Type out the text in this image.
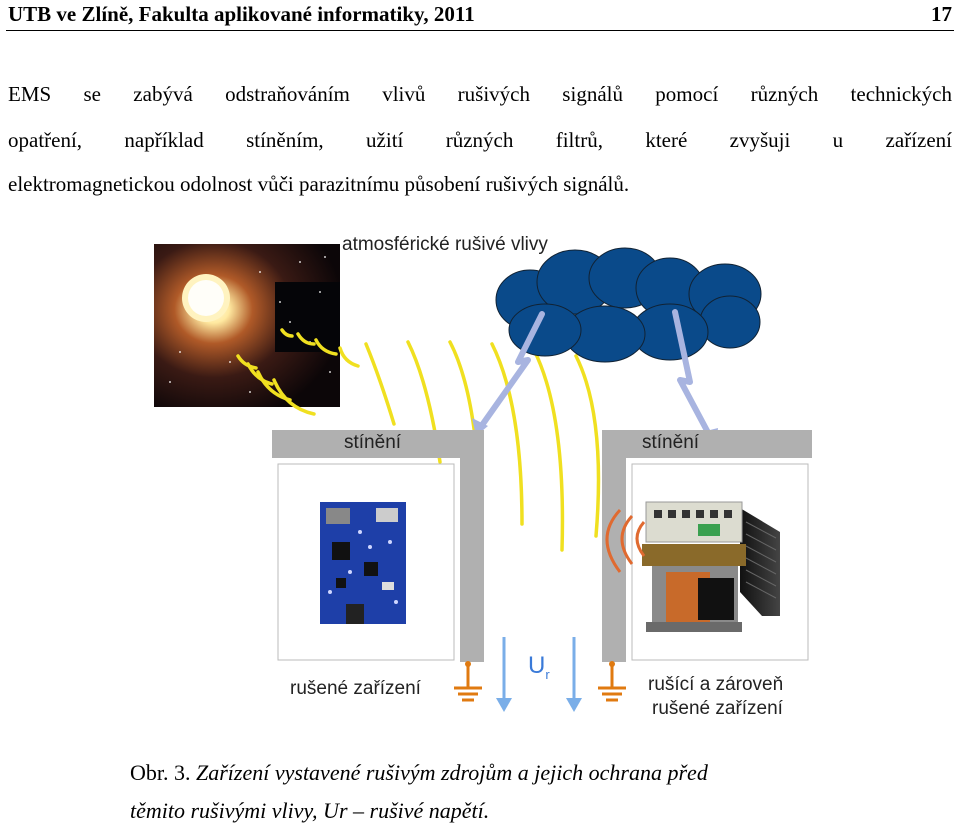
UTB ve Zlíně, Fakulta aplikované informatiky, 2011	17
EMS se zabývá odstraňováním vlivů rušivých signálů pomocí různých technických
opatření, například stíněním, užití různých filtrů, které zvyšuji u zařízení
elektromagnetickou odolnost vůči parazitnímu působení rušivých signálů.
atmosférické rušivé vlivy
stínění	stínění
rušené zařízení
$U_r$	rušící a zároveň
rušené zařízení
Obr. 3. Zařízení vystavené rušivým zdrojům a jejich ochrana před
těmito rušivými vlivy, Ur – rušivé napětí.
